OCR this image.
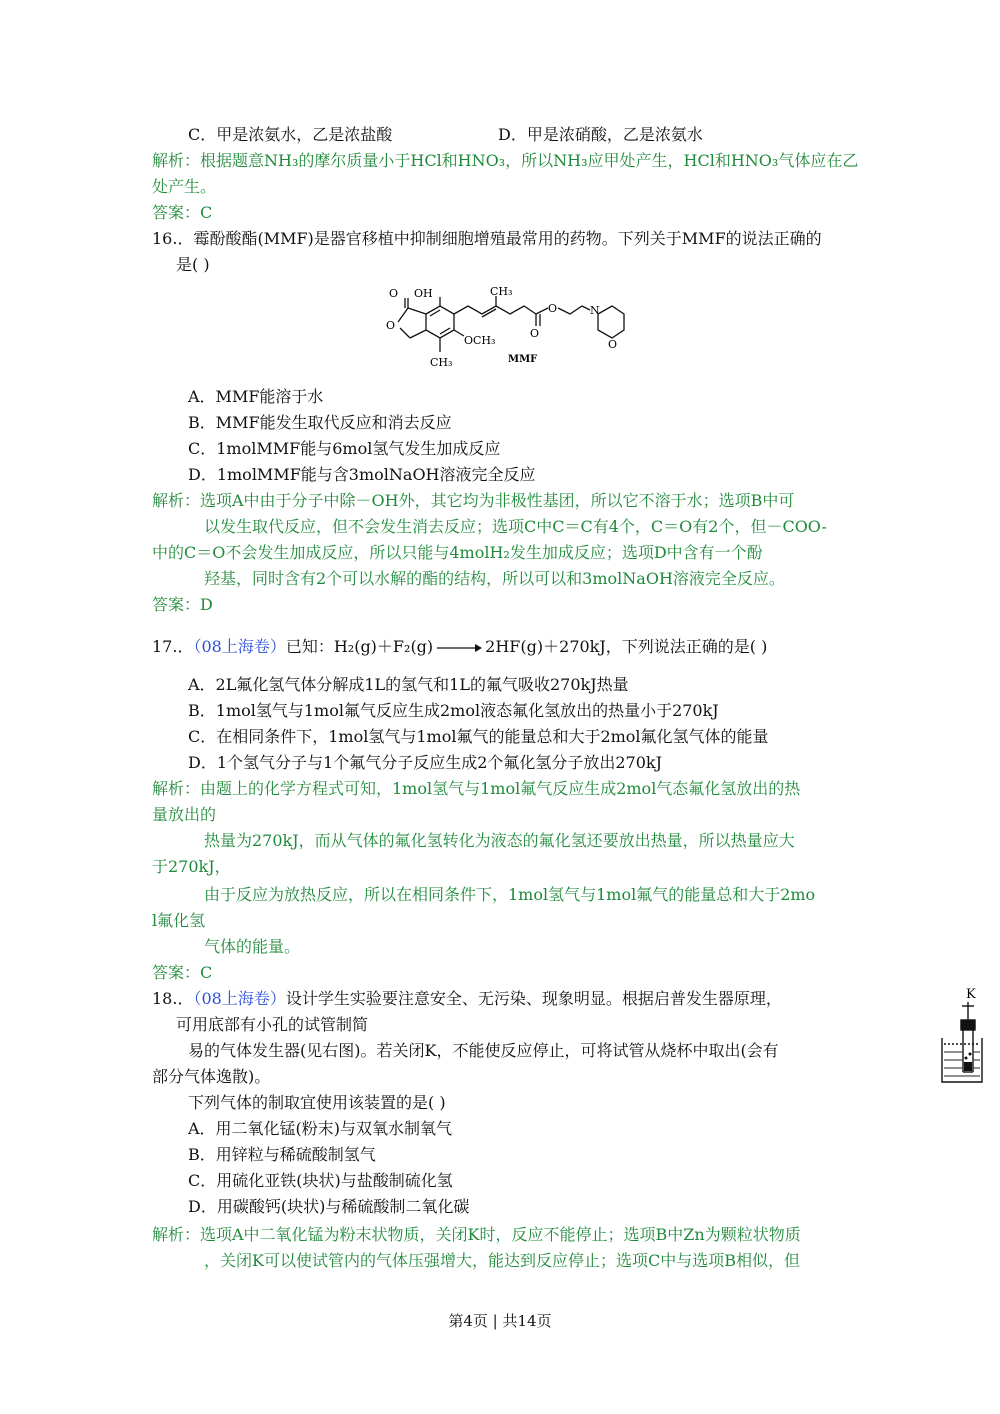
C．甲是浓氨水，乙是浓盐酸	D．甲是浓硝酸，乙是浓氨水
解析：根据题意NH₃的摩尔质量小于HCl和HNO₃，所以NH₃应甲处产生，HCl和HNO₃气体应在乙
处产生。
答案：C
16.．霉酚酸酯(MMF)是器官移植中抑制细胞增殖最常用的药物。下列关于MMF的说法正确的
是( )
OH	CH₃
O
O
OCH₃
CH₃
O
O	N
O
MMF
A．MMF能溶于水
B．MMF能发生取代反应和消去反应
C．1molMMF能与6mol氢气发生加成反应
D．1molMMF能与含3molNaOH溶液完全反应
解析：选项A中由于分子中除－OH外，其它均为非极性基团，所以它不溶于水；选项B中可
以发生取代反应，但不会发生消去反应；选项C中C＝C有4个，C＝O有2个，但－COO-
中的C＝O不会发生加成反应，所以只能与4molH₂发生加成反应；选项D中含有一个酚
羟基，同时含有2个可以水解的酯的结构，所以可以和3molNaOH溶液完全反应。
答案：D
17.．（08上海卷）已知：H₂(g)＋F₂(g) → 2HF(g)＋270kJ，下列说法正确的是( )
A．2L氟化氢气体分解成1L的氢气和1L的氟气吸收270kJ热量
B．1mol氢气与1mol氟气反应生成2mol液态氟化氢放出的热量小于270kJ
C．在相同条件下，1mol氢气与1mol氟气的能量总和大于2mol氟化氢气体的能量
D．1个氢气分子与1个氟气分子反应生成2个氟化氢分子放出270kJ
解析：由题上的化学方程式可知，1mol氢气与1mol氟气反应生成2mol气态氟化氢放出的热
量放出的
热量为270kJ，而从气体的氟化氢转化为液态的氟化氢还要放出热量，所以热量应大
于270kJ，
由于反应为放热反应，所以在相同条件下，1mol氢气与1mol氟气的能量总和大于2mo
l氟化氢
气体的能量。
答案：C
18.．（08上海卷）设计学生实验要注意安全、无污染、现象明显。根据启普发生器原理，
可用底部有小孔的试管制简
易的气体发生器(见右图)。若关闭K，不能使反应停止，可将试管从烧杯中取出(会有
部分气体逸散)。
下列气体的制取宜使用该装置的是( )
A．用二氧化锰(粉末)与双氧水制氧气
B．用锌粒与稀硫酸制氢气
C．用硫化亚铁(块状)与盐酸制硫化氢
D．用碳酸钙(块状)与稀硫酸制二氧化碳
解析：选项A中二氧化锰为粉末状物质，关闭K时，反应不能停止；选项B中Zn为颗粒状物质
，关闭K可以使试管内的气体压强增大，能达到反应停止；选项C中与选项B相似，但
K
第4页 | 共14页
